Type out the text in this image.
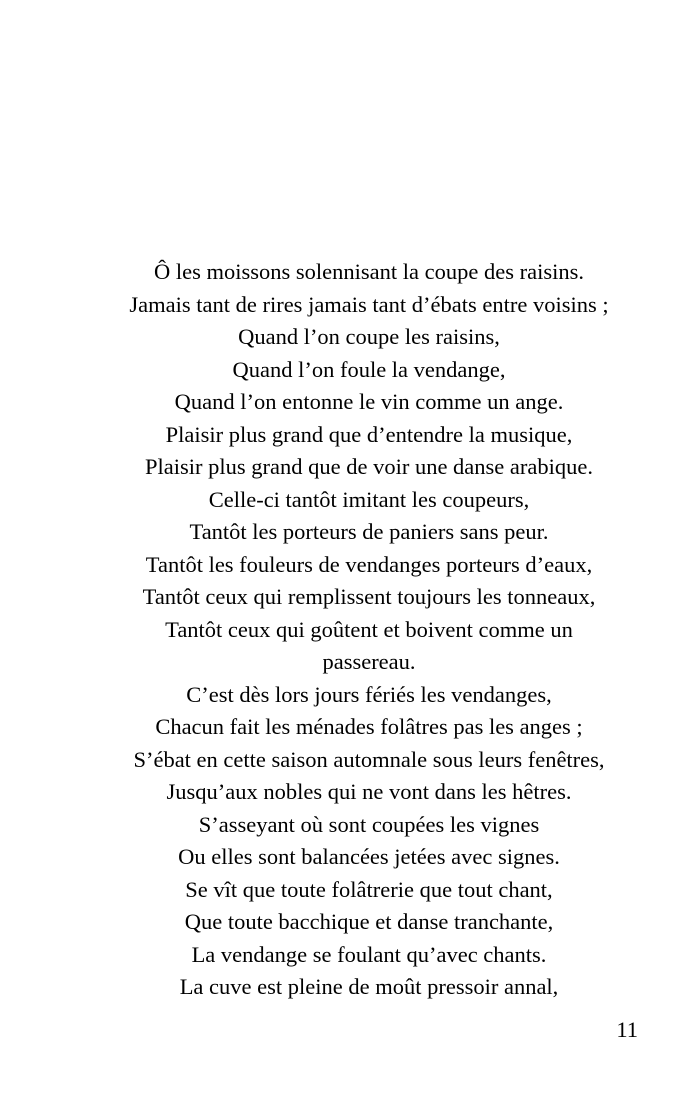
Ô les moissons solennisant la coupe des raisins.
Jamais tant de rires jamais tant d’ébats entre voisins ;
Quand l’on coupe les raisins,
Quand l’on foule la vendange,
Quand l’on entonne le vin comme un ange.
Plaisir plus grand que d’entendre la musique,
Plaisir plus grand que de voir une danse arabique.
Celle-ci tantôt imitant les coupeurs,
Tantôt les porteurs de paniers sans peur.
Tantôt les fouleurs de vendanges porteurs d’eaux,
Tantôt ceux qui remplissent toujours les tonneaux,
Tantôt ceux qui goûtent et boivent comme un
passereau.
C’est dès lors jours fériés les vendanges,
Chacun fait les ménades folâtres pas les anges ;
S’ébat en cette saison automnale sous leurs fenêtres,
Jusqu’aux nobles qui ne vont dans les hêtres.
S’asseyant où sont coupées les vignes
Ou elles sont balancées jetées avec signes.
Se vît que toute folâtrerie que tout chant,
Que toute bacchique et danse tranchante,
La vendange se foulant qu’avec chants.
La cuve est pleine de moût pressoir annal,
11
